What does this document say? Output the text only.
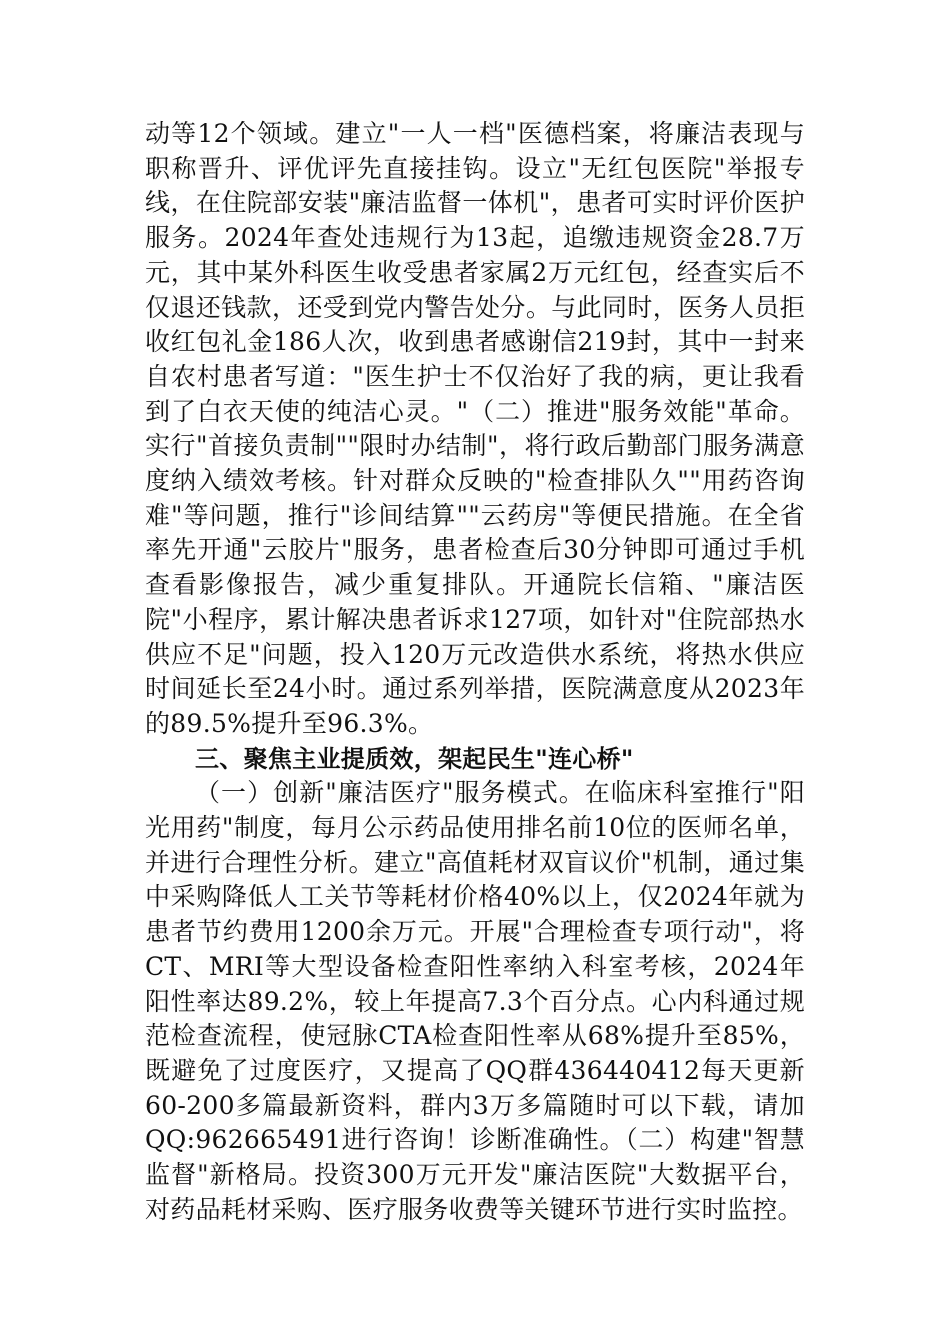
动等12个领域。建立"一人一档"医德档案，将廉洁表现与职称晋升、评优评先直接挂钩。设立"无红包医院"举报专线，在住院部安装"廉洁监督一体机"，患者可实时评价医护服务。2024年查处违规行为13起，追缴违规资金28.7万元，其中某外科医生收受患者家属2万元红包，经查实后不仅退还钱款，还受到党内警告处分。与此同时，医务人员拒收红包礼金186人次，收到患者感谢信219封，其中一封来自农村患者写道："医生护士不仅治好了我的病，更让我看到了白衣天使的纯洁心灵。"（二）推进"服务效能"革命。实行"首接负责制""限时办结制"，将行政后勤部门服务满意度纳入绩效考核。针对群众反映的"检查排队久""用药咨询难"等问题，推行"诊间结算""云药房"等便民措施。在全省率先开通"云胶片"服务，患者检查后30分钟即可通过手机查看影像报告，减少重复排队。开通院长信箱、"廉洁医院"小程序，累计解决患者诉求127项，如针对"住院部热水供应不足"问题，投入120万元改造供水系统，将热水供应时间延长至24小时。通过系列举措，医院满意度从2023年的89.5%提升至96.3%。

三、聚焦主业提质效，架起民生"连心桥"

（一）创新"廉洁医疗"服务模式。在临床科室推行"阳光用药"制度，每月公示药品使用排名前10位的医师名单，并进行合理性分析。建立"高值耗材双盲议价"机制，通过集中采购降低人工关节等耗材价格40%以上，仅2024年就为患者节约费用1200余万元。开展"合理检查专项行动"，将CT、MRI等大型设备检查阳性率纳入科室考核，2024年阳性率达89.2%，较上年提高7.3个百分点。心内科通过规范检查流程，使冠脉CTA检查阳性率从68%提升至85%，既避免了过度医疗，又提高了QQ群436440412每天更新60-200多篇最新资料，群内3万多篇随时可以下载，请加QQ:962665491进行咨询！诊断准确性。（二）构建"智慧监督"新格局。投资300万元开发"廉洁医院"大数据平台，对药品耗材采购、医疗服务收费等关键环节进行实时监控。
